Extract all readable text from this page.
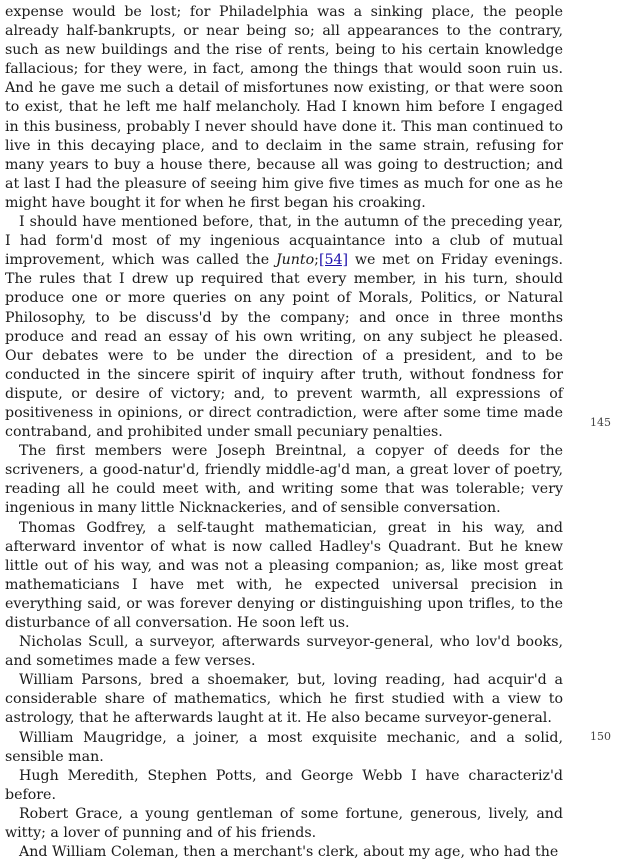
expense would be lost; for Philadelphia was a sinking place, the people already half-bankrupts, or near being so; all appearances to the contrary, such as new buildings and the rise of rents, being to his certain knowledge fallacious; for they were, in fact, among the things that would soon ruin us. And he gave me such a detail of misfortunes now existing, or that were soon to exist, that he left me half melancholy. Had I known him before I engaged in this business, probably I never should have done it. This man continued to live in this decaying place, and to declaim in the same strain, refusing for many years to buy a house there, because all was going to destruction; and at last I had the pleasure of seeing him give five times as much for one as he might have bought it for when he first began his croaking.

I should have mentioned before, that, in the autumn of the preceding year, I had form'd most of my ingenious acquaintance into a club of mutual improvement, which was called the Junto;[54] we met on Friday evenings. The rules that I drew up required that every member, in his turn, should produce one or more queries on any point of Morals, Politics, or Natural Philosophy, to be discuss'd by the company; and once in three months produce and read an essay of his own writing, on any subject he pleased. Our debates were to be under the direction of a president, and to be conducted in the sincere spirit of inquiry after truth, without fondness for dispute, or desire of victory; and, to prevent warmth, all expressions of positiveness in opinions, or direct contradiction, were after some time made contraband, and prohibited under small pecuniary penalties.

The first members were Joseph Breintnal, a copyer of deeds for the scriveners, a good-natur'd, friendly middle-ag'd man, a great lover of poetry, reading all he could meet with, and writing some that was tolerable; very ingenious in many little Nicknackeries, and of sensible conversation.

Thomas Godfrey, a self-taught mathematician, great in his way, and afterward inventor of what is now called Hadley's Quadrant. But he knew little out of his way, and was not a pleasing companion; as, like most great mathematicians I have met with, he expected universal precision in everything said, or was forever denying or distinguishing upon trifles, to the disturbance of all conversation. He soon left us.

Nicholas Scull, a surveyor, afterwards surveyor-general, who lov'd books, and sometimes made a few verses.

William Parsons, bred a shoemaker, but, loving reading, had acquir'd a considerable share of mathematics, which he first studied with a view to astrology, that he afterwards laught at it. He also became surveyor-general.

William Maugridge, a joiner, a most exquisite mechanic, and a solid, sensible man.

Hugh Meredith, Stephen Potts, and George Webb I have characteriz'd before.

Robert Grace, a young gentleman of some fortune, generous, lively, and witty; a lover of punning and of his friends.

And William Coleman, then a merchant's clerk, about my age, who had the

145
150
